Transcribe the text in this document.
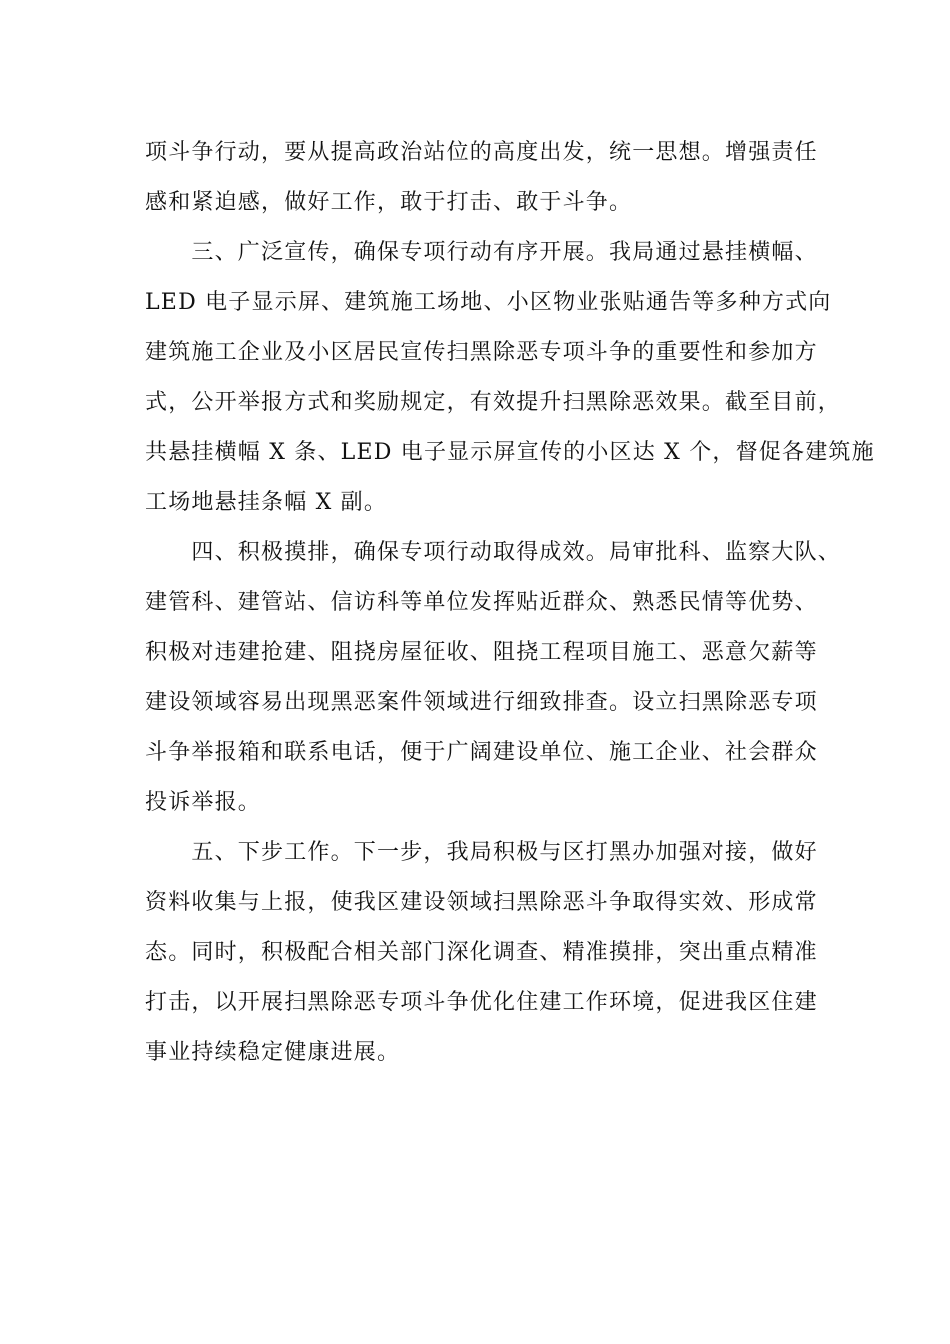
项斗争行动，要从提高政治站位的高度出发，统一思想。增强责任
感和紧迫感，做好工作，敢于打击、敢于斗争。
　　三、广泛宣传，确保专项行动有序开展。我局通过悬挂横幅、
LED 电子显示屏、建筑施工场地、小区物业张贴通告等多种方式向
建筑施工企业及小区居民宣传扫黑除恶专项斗争的重要性和参加方
式，公开举报方式和奖励规定，有效提升扫黑除恶效果。截至目前，
共悬挂横幅 X 条、LED 电子显示屏宣传的小区达 X 个，督促各建筑施
工场地悬挂条幅 X 副。
　　四、积极摸排，确保专项行动取得成效。局审批科、监察大队、
建管科、建管站、信访科等单位发挥贴近群众、熟悉民情等优势、
积极对违建抢建、阻挠房屋征收、阻挠工程项目施工、恶意欠薪等
建设领域容易出现黑恶案件领域进行细致排查。设立扫黑除恶专项
斗争举报箱和联系电话，便于广阔建设单位、施工企业、社会群众
投诉举报。
　　五、下步工作。下一步，我局积极与区打黑办加强对接，做好
资料收集与上报，使我区建设领域扫黑除恶斗争取得实效、形成常
态。同时，积极配合相关部门深化调查、精准摸排，突出重点精准
打击，以开展扫黑除恶专项斗争优化住建工作环境，促进我区住建
事业持续稳定健康进展。
